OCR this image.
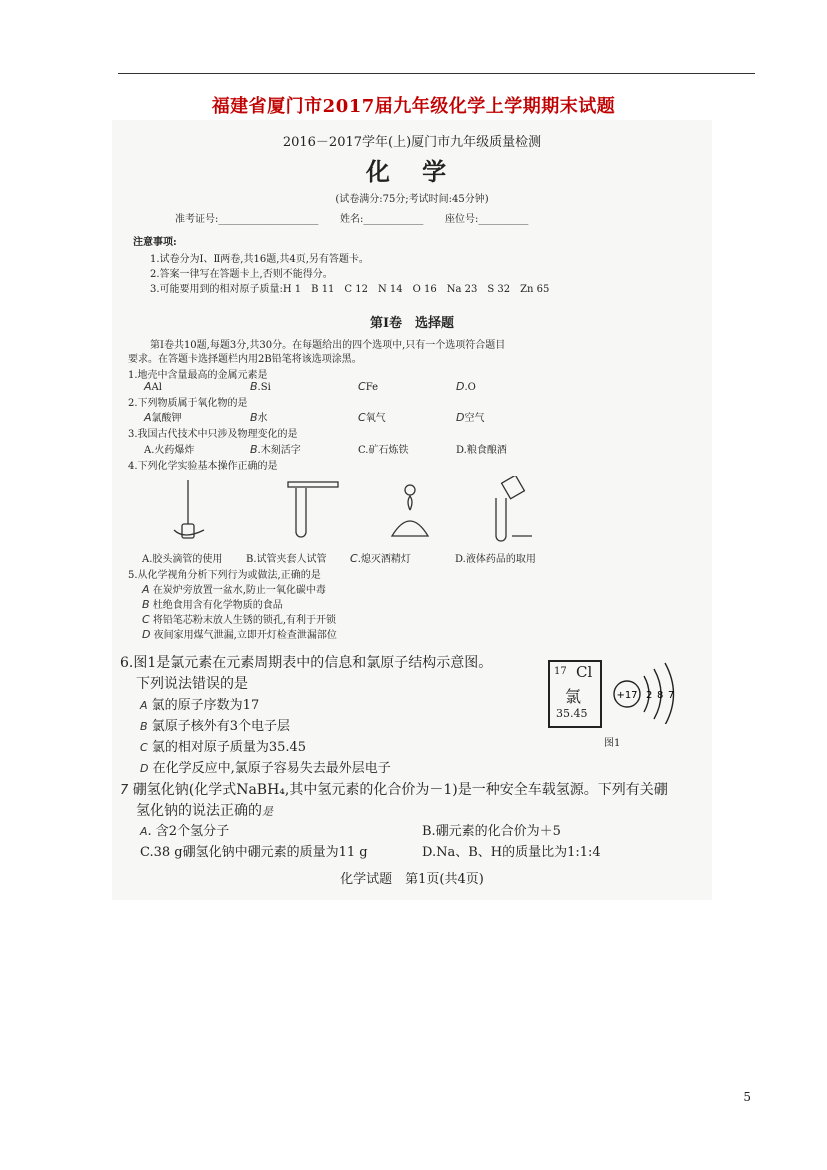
福建省厦门市2017届九年级化学上学期期末试题
2016－2017学年(上)厦门市九年级质量检测
化 学
(试卷满分:75分;考试时间:45分钟)
准考证号:____________________ 姓名:____________ 座位号:__________
注意事项:
1.试卷分为Ⅰ、Ⅱ两卷,共16题,共4页,另有答题卡。
2.答案一律写在答题卡上,否则不能得分。
3.可能要用到的相对原子质量:H 1　B 11　C 12　N 14　O 16　Na 23　S 32　Zn 65
第Ⅰ卷　选择题
第Ⅰ卷共10题,每题3分,共30分。在每题给出的四个选项中,只有一个选项符合题目
要求。在答题卡选择题栏内用2B铅笔将该选项涂黑。
1.地壳中含量最高的金属元素是
AAl	B.Si	CFe	D.O
2.下列物质属于氧化物的是
A氯酸钾	B水	C氧气	D空气
3.我国古代技术中只涉及物理变化的是
A.火药爆炸	B.木刻活字	C.矿石炼铁	D.粮食酿酒
4.下列化学实验基本操作正确的是
A.胶头滴管的使用 B.试管夹套人试管 C.熄灭酒精灯	D.液体药品的取用
5.从化学视角分析下列行为或做法,正确的是
A 在炭炉旁放置一盆水,防止一氧化碳中毒
B 杜绝食用含有化学物质的食品
C 将铅笔芯粉末放人生锈的锁孔,有利于开锁
D 夜间家用煤气泄漏,立即开灯检查泄漏部位
6.图1是氯元素在元素周期表中的信息和氯原子结构示意图。
下列说法错误的是
A 氯的原子序数为17
B 氯原子核外有3个电子层
C 氯的相对原子质量为35.45
D 在化学反应中,氯原子容易失去最外层电子
17 Cl
氯
35.45
+17 2 8 7
图1
7 硼氢化钠(化学式NaBH₄,其中氢元素的化合价为－1)是一种安全车载氢源。下列有关硼
氢化钠的说法正确的是
A. 含2个氢分子	B.硼元素的化合价为＋5
C.38 g硼氢化钠中硼元素的质量为11 g	D.Na、B、H的质量比为1:1:4
化学试题　第1页(共4页)
5
